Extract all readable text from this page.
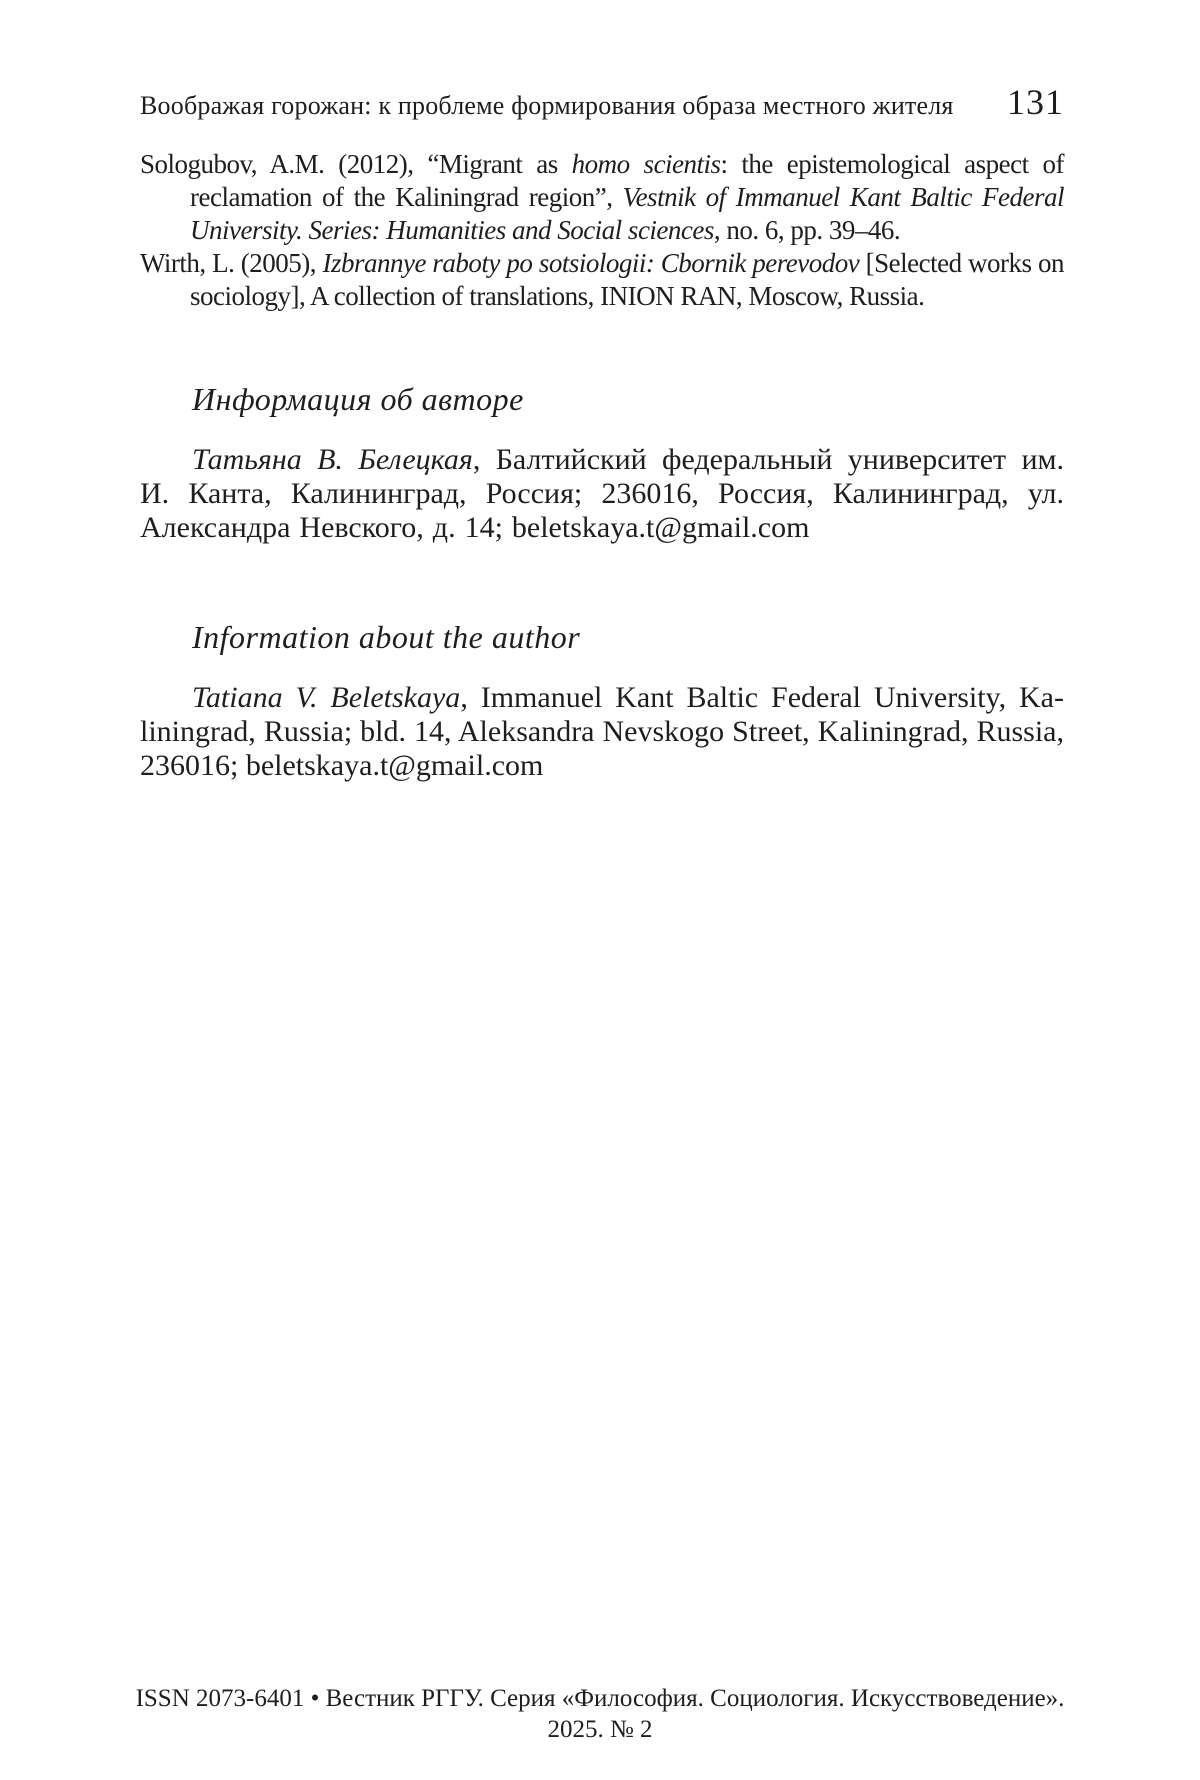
Воображая горожан: к проблеме формирования образа местного жителя 131

Sologubov, A.M. (2012), “Migrant as homo scientis: the epistemological aspect of reclamation of the Kaliningrad region”, Vestnik of Immanuel Kant Baltic Federal University. Series: Humanities and Social sciences, no. 6, pp. 39–46.

Wirth, L. (2005), Izbrannye raboty po sotsiologii: Cbornik perevodov [Selected works on sociology], A collection of translations, INION RAN, Moscow, Russia.

Информация об авторе

Татьяна В. Белецкая, Балтийский федеральный университет им. И. Канта, Калининград, Россия; 236016, Россия, Калининград, ул. Александра Невского, д. 14; beletskaya.t@gmail.com

Information about the author

Tatiana V. Beletskaya, Immanuel Kant Baltic Federal University, Kaliningrad, Russia; bld. 14, Aleksandra Nevskogo Street, Kaliningrad, Russia, 236016; beletskaya.t@gmail.com

ISSN 2073-6401 • Вестник РГГУ. Серия «Философия. Социология. Искусствоведение».
2025. № 2
